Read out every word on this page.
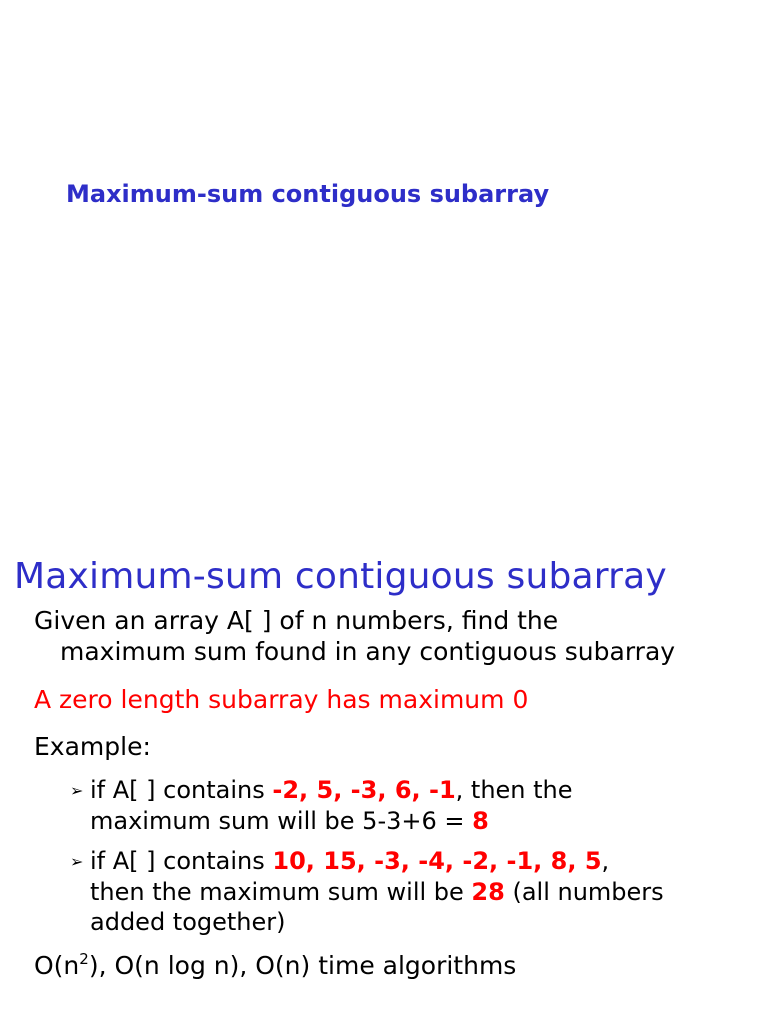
Maximum-sum contiguous subarray
Maximum-sum contiguous subarray
Given an array A[ ] of n numbers, find the
maximum sum found in any contiguous subarray
A zero length subarray has maximum 0
Example:
➢ if A[ ] contains -2, 5, -3, 6, -1, then the
maximum sum will be 5-3+6 = 8
➢ if A[ ] contains 10, 15, -3, -4, -2, -1, 8, 5,
then the maximum sum will be 28 (all numbers
added together)
$O(n^2)$, O(n log n), O(n) time algorithms
